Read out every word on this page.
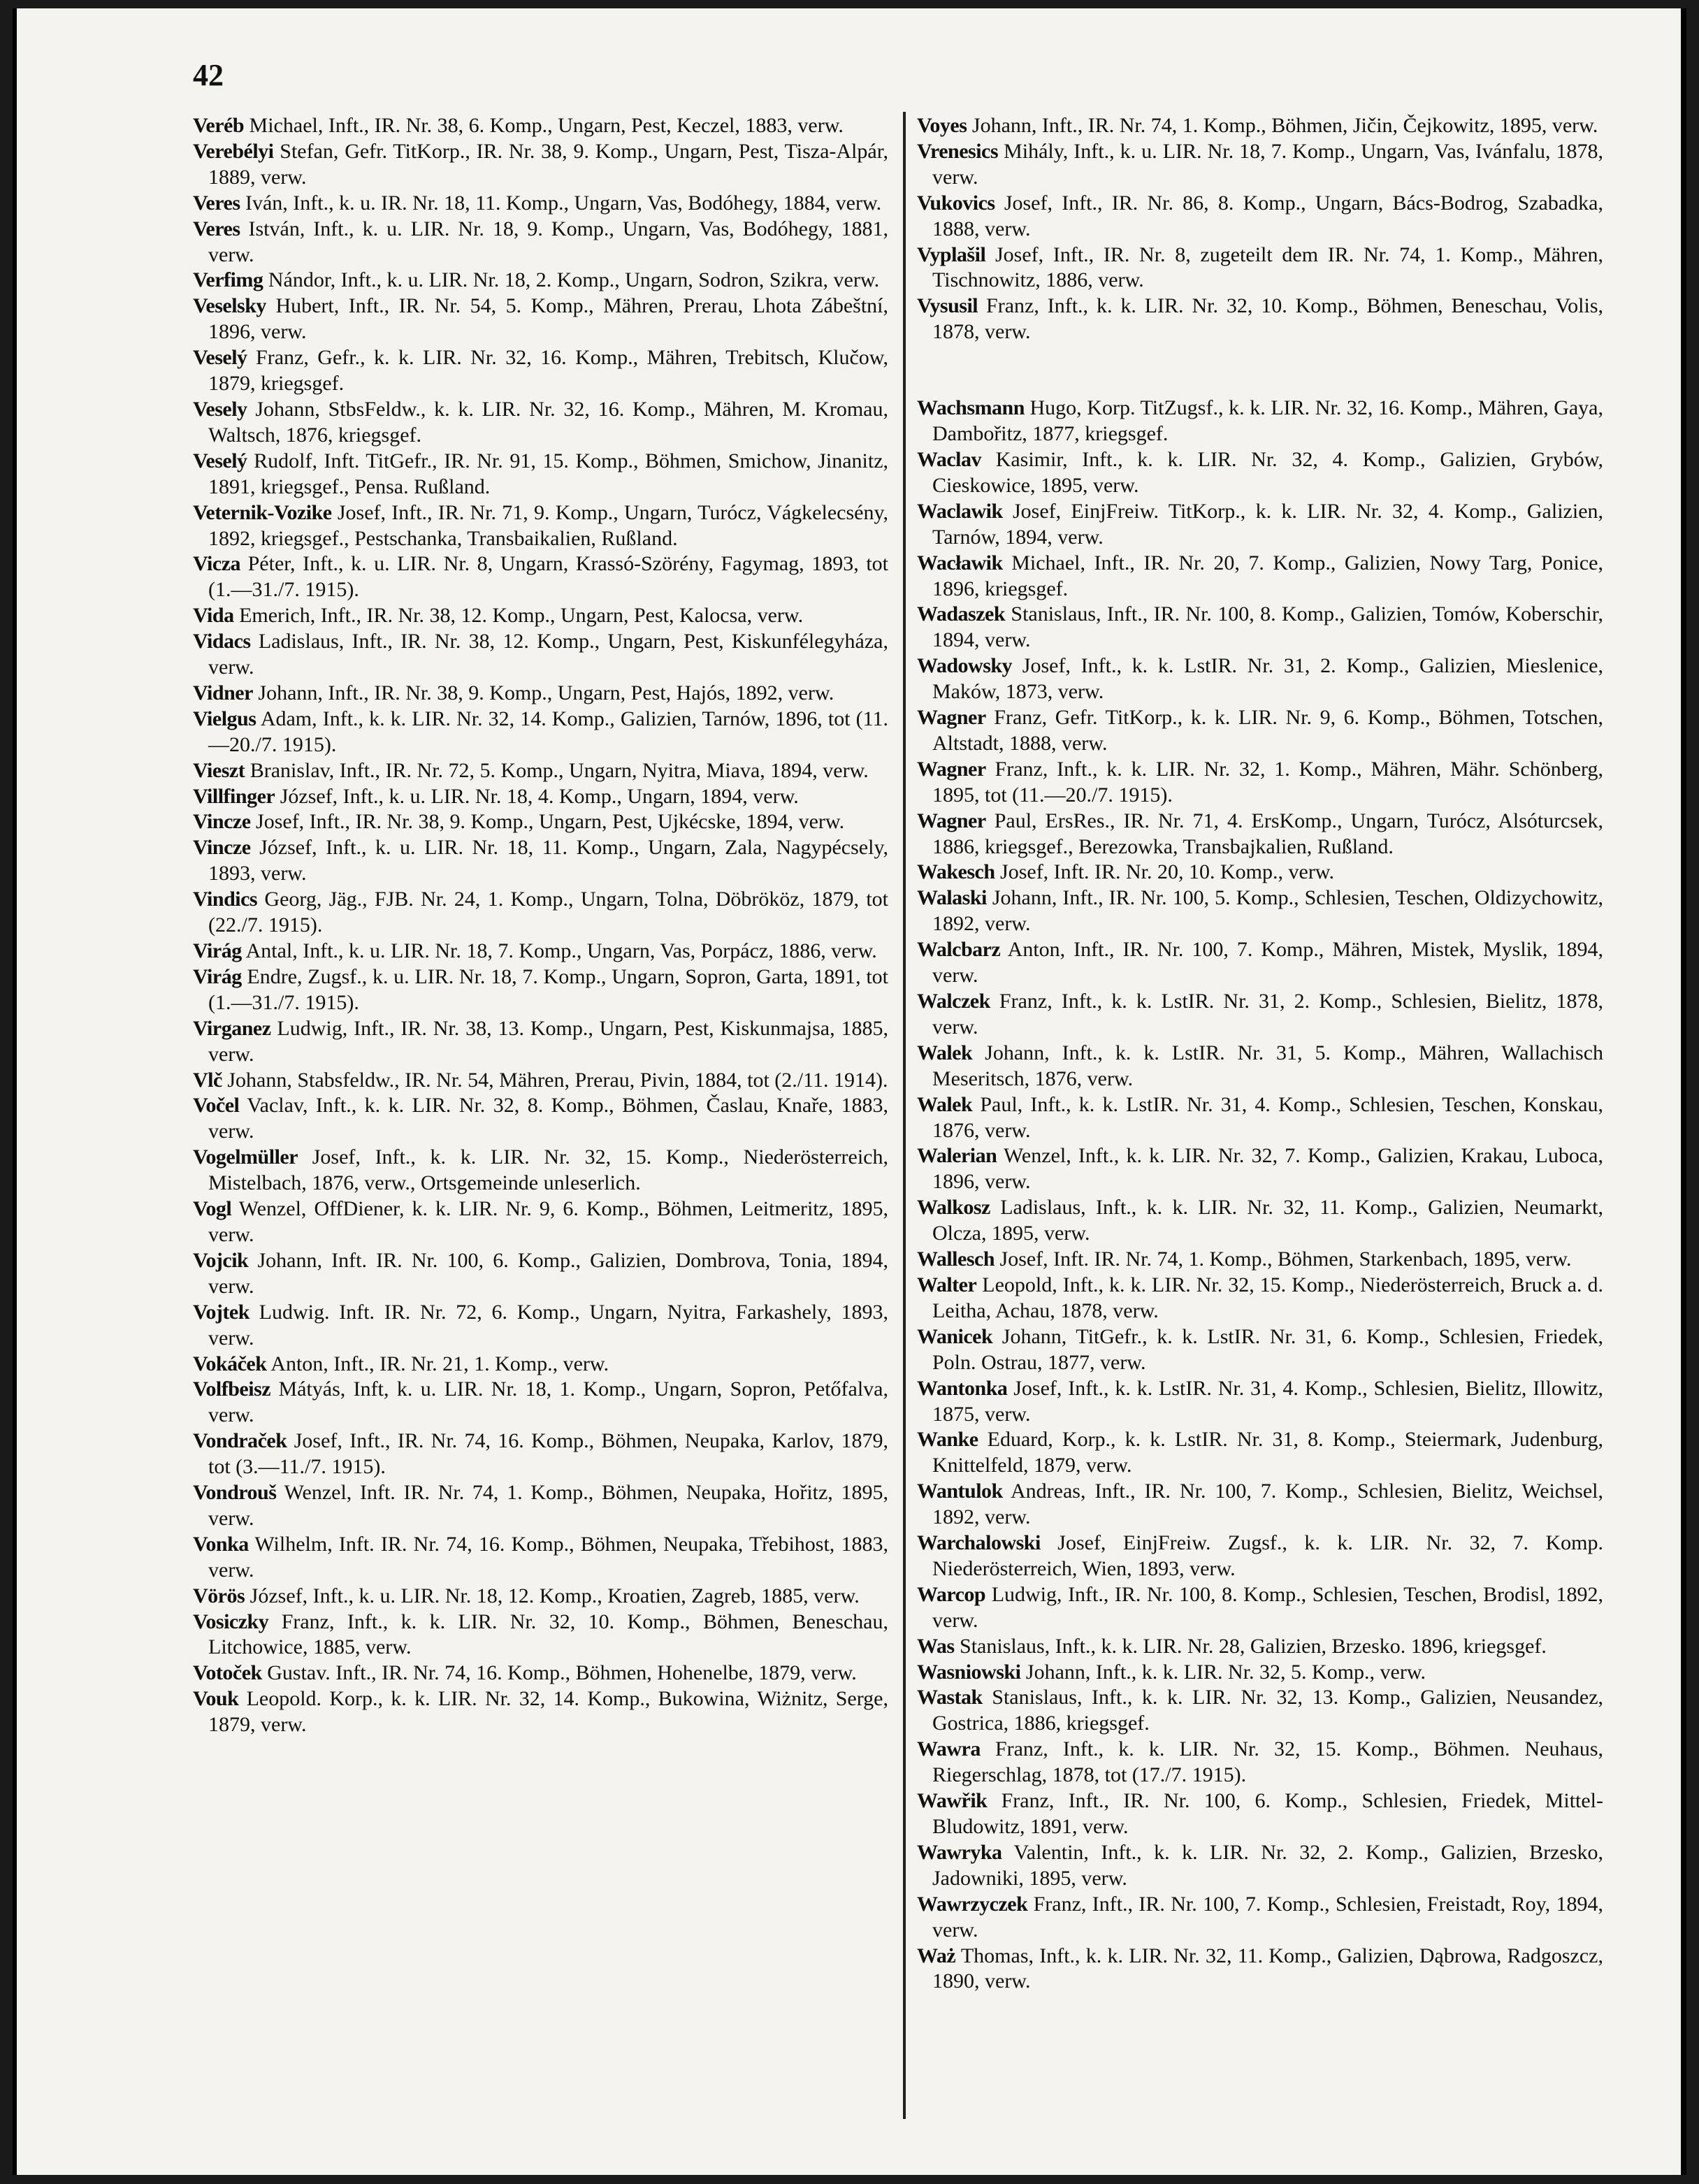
42
Veréb Michael, Inft., IR. Nr. 38, 6. Komp., Ungarn, Pest, Keczel, 1883, verw.
Verebélyi Stefan, Gefr. TitKorp., IR. Nr. 38, 9. Komp., Ungarn, Pest, Tisza-Alpár, 1889, verw.
Veres Iván, Inft., k. u. IR. Nr. 18, 11. Komp., Ungarn, Vas, Bodóhegy, 1884, verw.
Veres István, Inft., k. u. LIR. Nr. 18, 9. Komp., Ungarn, Vas, Bodóhegy, 1881, verw.
Verfimg Nándor, Inft., k. u. LIR. Nr. 18, 2. Komp., Ungarn, Sodron, Szikra, verw.
Veselsky Hubert, Inft., IR. Nr. 54, 5. Komp., Mähren, Prerau, Lhota Zábeštní, 1896, verw.
Veselý Franz, Gefr., k. k. LIR. Nr. 32, 16. Komp., Mähren, Trebitsch, Klučow, 1879, kriegsgef.
Vesely Johann, StbsFeldw., k. k. LIR. Nr. 32, 16. Komp., Mähren, M. Kromau, Waltsch, 1876, kriegsgef.
Veselý Rudolf, Inft. TitGefr., IR. Nr. 91, 15. Komp., Böhmen, Smichow, Jinanitz, 1891, kriegsgef., Pensa. Rußland.
Veternik-Vozike Josef, Inft., IR. Nr. 71, 9. Komp., Ungarn, Turócz, Vágkelecsény, 1892, kriegsgef., Pestschanka, Transbaikalien, Rußland.
Vicza Péter, Inft., k. u. LIR. Nr. 8, Ungarn, Krassó-Szörény, Fagymag, 1893, tot (1.—31./7. 1915).
Vida Emerich, Inft., IR. Nr. 38, 12. Komp., Ungarn, Pest, Kalocsa, verw.
Vidacs Ladislaus, Inft., IR. Nr. 38, 12. Komp., Ungarn, Pest, Kiskunfélegyháza, verw.
Vidner Johann, Inft., IR. Nr. 38, 9. Komp., Ungarn, Pest, Hajós, 1892, verw.
Vielgus Adam, Inft., k. k. LIR. Nr. 32, 14. Komp., Galizien, Tarnów, 1896, tot (11.—20./7. 1915).
Vieszt Branislav, Inft., IR. Nr. 72, 5. Komp., Ungarn, Nyitra, Miava, 1894, verw.
Villfinger József, Inft., k. u. LIR. Nr. 18, 4. Komp., Ungarn, 1894, verw.
Vincze Josef, Inft., IR. Nr. 38, 9. Komp., Ungarn, Pest, Ujkécske, 1894, verw.
Vincze József, Inft., k. u. LIR. Nr. 18, 11. Komp., Ungarn, Zala, Nagypécsely, 1893, verw.
Vindics Georg, Jäg., FJB. Nr. 24, 1. Komp., Ungarn, Tolna, Döbrököz, 1879, tot (22./7. 1915).
Virág Antal, Inft., k. u. LIR. Nr. 18, 7. Komp., Ungarn, Vas, Porpácz, 1886, verw.
Virág Endre, Zugsf., k. u. LIR. Nr. 18, 7. Komp., Ungarn, Sopron, Garta, 1891, tot (1.—31./7. 1915).
Virganez Ludwig, Inft., IR. Nr. 38, 13. Komp., Ungarn, Pest, Kiskunmajsa, 1885, verw.
Vlč Johann, Stabsfeldw., IR. Nr. 54, Mähren, Prerau, Pivin, 1884, tot (2./11. 1914).
Vočel Vaclav, Inft., k. k. LIR. Nr. 32, 8. Komp., Böhmen, Časlau, Knaře, 1883, verw.
Vogelmüller Josef, Inft., k. k. LIR. Nr. 32, 15. Komp., Niederösterreich, Mistelbach, 1876, verw., Ortsgemeinde unleserlich.
Vogl Wenzel, OffDiener, k. k. LIR. Nr. 9, 6. Komp., Böhmen, Leitmeritz, 1895, verw.
Vojcik Johann, Inft. IR. Nr. 100, 6. Komp., Galizien, Dombrova, Tonia, 1894, verw.
Vojtek Ludwig. Inft. IR. Nr. 72, 6. Komp., Ungarn, Nyitra, Farkashely, 1893, verw.
Vokáček Anton, Inft., IR. Nr. 21, 1. Komp., verw.
Volfbeisz Mátyás, Inft, k. u. LIR. Nr. 18, 1. Komp., Ungarn, Sopron, Petőfalva, verw.
Vondraček Josef, Inft., IR. Nr. 74, 16. Komp., Böhmen, Neupaka, Karlov, 1879, tot (3.—11./7. 1915).
Vondrouš Wenzel, Inft. IR. Nr. 74, 1. Komp., Böhmen, Neupaka, Hořitz, 1895, verw.
Vonka Wilhelm, Inft. IR. Nr. 74, 16. Komp., Böhmen, Neupaka, Třebihost, 1883, verw.
Vörös József, Inft., k. u. LIR. Nr. 18, 12. Komp., Kroatien, Zagreb, 1885, verw.
Vosiczky Franz, Inft., k. k. LIR. Nr. 32, 10. Komp., Böhmen, Beneschau, Litchowice, 1885, verw.
Votoček Gustav. Inft., IR. Nr. 74, 16. Komp., Böhmen, Hohenelbe, 1879, verw.
Vouk Leopold. Korp., k. k. LIR. Nr. 32, 14. Komp., Bukowina, Wiżnitz, Serge, 1879, verw.
Voyes Johann, Inft., IR. Nr. 74, 1. Komp., Böhmen, Jičin, Čejkowitz, 1895, verw.
Vrenesics Mihály, Inft., k. u. LIR. Nr. 18, 7. Komp., Ungarn, Vas, Ivánfalu, 1878, verw.
Vukovics Josef, Inft., IR. Nr. 86, 8. Komp., Ungarn, Bács-Bodrog, Szabadka, 1888, verw.
Vyplašil Josef, Inft., IR. Nr. 8, zugeteilt dem IR. Nr. 74, 1. Komp., Mähren, Tischnowitz, 1886, verw.
Vysusil Franz, Inft., k. k. LIR. Nr. 32, 10. Komp., Böhmen, Beneschau, Volis, 1878, verw.
Wachsmann Hugo, Korp. TitZugsf., k. k. LIR. Nr. 32, 16. Komp., Mähren, Gaya, Dambořitz, 1877, kriegsgef.
Waclav Kasimir, Inft., k. k. LIR. Nr. 32, 4. Komp., Galizien, Grybów, Cieskowice, 1895, verw.
Waclawik Josef, EinjFreiw. TitKorp., k. k. LIR. Nr. 32, 4. Komp., Galizien, Tarnów, 1894, verw.
Wacławik Michael, Inft., IR. Nr. 20, 7. Komp., Galizien, Nowy Targ, Ponice, 1896, kriegsgef.
Wadaszek Stanislaus, Inft., IR. Nr. 100, 8. Komp., Galizien, Tomów, Koberschir, 1894, verw.
Wadowsky Josef, Inft., k. k. LstIR. Nr. 31, 2. Komp., Galizien, Mieslenice, Maków, 1873, verw.
Wagner Franz, Gefr. TitKorp., k. k. LIR. Nr. 9, 6. Komp., Böhmen, Totschen, Altstadt, 1888, verw.
Wagner Franz, Inft., k. k. LIR. Nr. 32, 1. Komp., Mähren, Mähr. Schönberg, 1895, tot (11.—20./7. 1915).
Wagner Paul, ErsRes., IR. Nr. 71, 4. ErsKomp., Ungarn, Turócz, Alsóturcsek, 1886, kriegsgef., Berezowka, Transbajkalien, Rußland.
Wakesch Josef, Inft. IR. Nr. 20, 10. Komp., verw.
Walaski Johann, Inft., IR. Nr. 100, 5. Komp., Schlesien, Teschen, Oldizychowitz, 1892, verw.
Walcbarz Anton, Inft., IR. Nr. 100, 7. Komp., Mähren, Mistek, Myslik, 1894, verw.
Walczek Franz, Inft., k. k. LstIR. Nr. 31, 2. Komp., Schlesien, Bielitz, 1878, verw.
Walek Johann, Inft., k. k. LstIR. Nr. 31, 5. Komp., Mähren, Wallachisch Meseritsch, 1876, verw.
Walek Paul, Inft., k. k. LstIR. Nr. 31, 4. Komp., Schlesien, Teschen, Konskau, 1876, verw.
Walerian Wenzel, Inft., k. k. LIR. Nr. 32, 7. Komp., Galizien, Krakau, Luboca, 1896, verw.
Walkosz Ladislaus, Inft., k. k. LIR. Nr. 32, 11. Komp., Galizien, Neumarkt, Olcza, 1895, verw.
Wallesch Josef, Inft. IR. Nr. 74, 1. Komp., Böhmen, Starkenbach, 1895, verw.
Walter Leopold, Inft., k. k. LIR. Nr. 32, 15. Komp., Niederösterreich, Bruck a. d. Leitha, Achau, 1878, verw.
Wanicek Johann, TitGefr., k. k. LstIR. Nr. 31, 6. Komp., Schlesien, Friedek, Poln. Ostrau, 1877, verw.
Wantonka Josef, Inft., k. k. LstIR. Nr. 31, 4. Komp., Schlesien, Bielitz, Illowitz, 1875, verw.
Wanke Eduard, Korp., k. k. LstIR. Nr. 31, 8. Komp., Steiermark, Judenburg, Knittelfeld, 1879, verw.
Wantulok Andreas, Inft., IR. Nr. 100, 7. Komp., Schlesien, Bielitz, Weichsel, 1892, verw.
Warchalowski Josef, EinjFreiw. Zugsf., k. k. LIR. Nr. 32, 7. Komp. Niederösterreich, Wien, 1893, verw.
Warcop Ludwig, Inft., IR. Nr. 100, 8. Komp., Schlesien, Teschen, Brodisl, 1892, verw.
Was Stanislaus, Inft., k. k. LIR. Nr. 28, Galizien, Brzesko. 1896, kriegsgef.
Wasniowski Johann, Inft., k. k. LIR. Nr. 32, 5. Komp., verw.
Wastak Stanislaus, Inft., k. k. LIR. Nr. 32, 13. Komp., Galizien, Neusandez, Gostrica, 1886, kriegsgef.
Wawra Franz, Inft., k. k. LIR. Nr. 32, 15. Komp., Böhmen. Neuhaus, Riegerschlag, 1878, tot (17./7. 1915).
Wawřik Franz, Inft., IR. Nr. 100, 6. Komp., Schlesien, Friedek, Mittel-Bludowitz, 1891, verw.
Wawryka Valentin, Inft., k. k. LIR. Nr. 32, 2. Komp., Galizien, Brzesko, Jadowniki, 1895, verw.
Wawrzyczek Franz, Inft., IR. Nr. 100, 7. Komp., Schlesien, Freistadt, Roy, 1894, verw.
Waż Thomas, Inft., k. k. LIR. Nr. 32, 11. Komp., Galizien, Dąbrowa, Radgoszcz, 1890, verw.
